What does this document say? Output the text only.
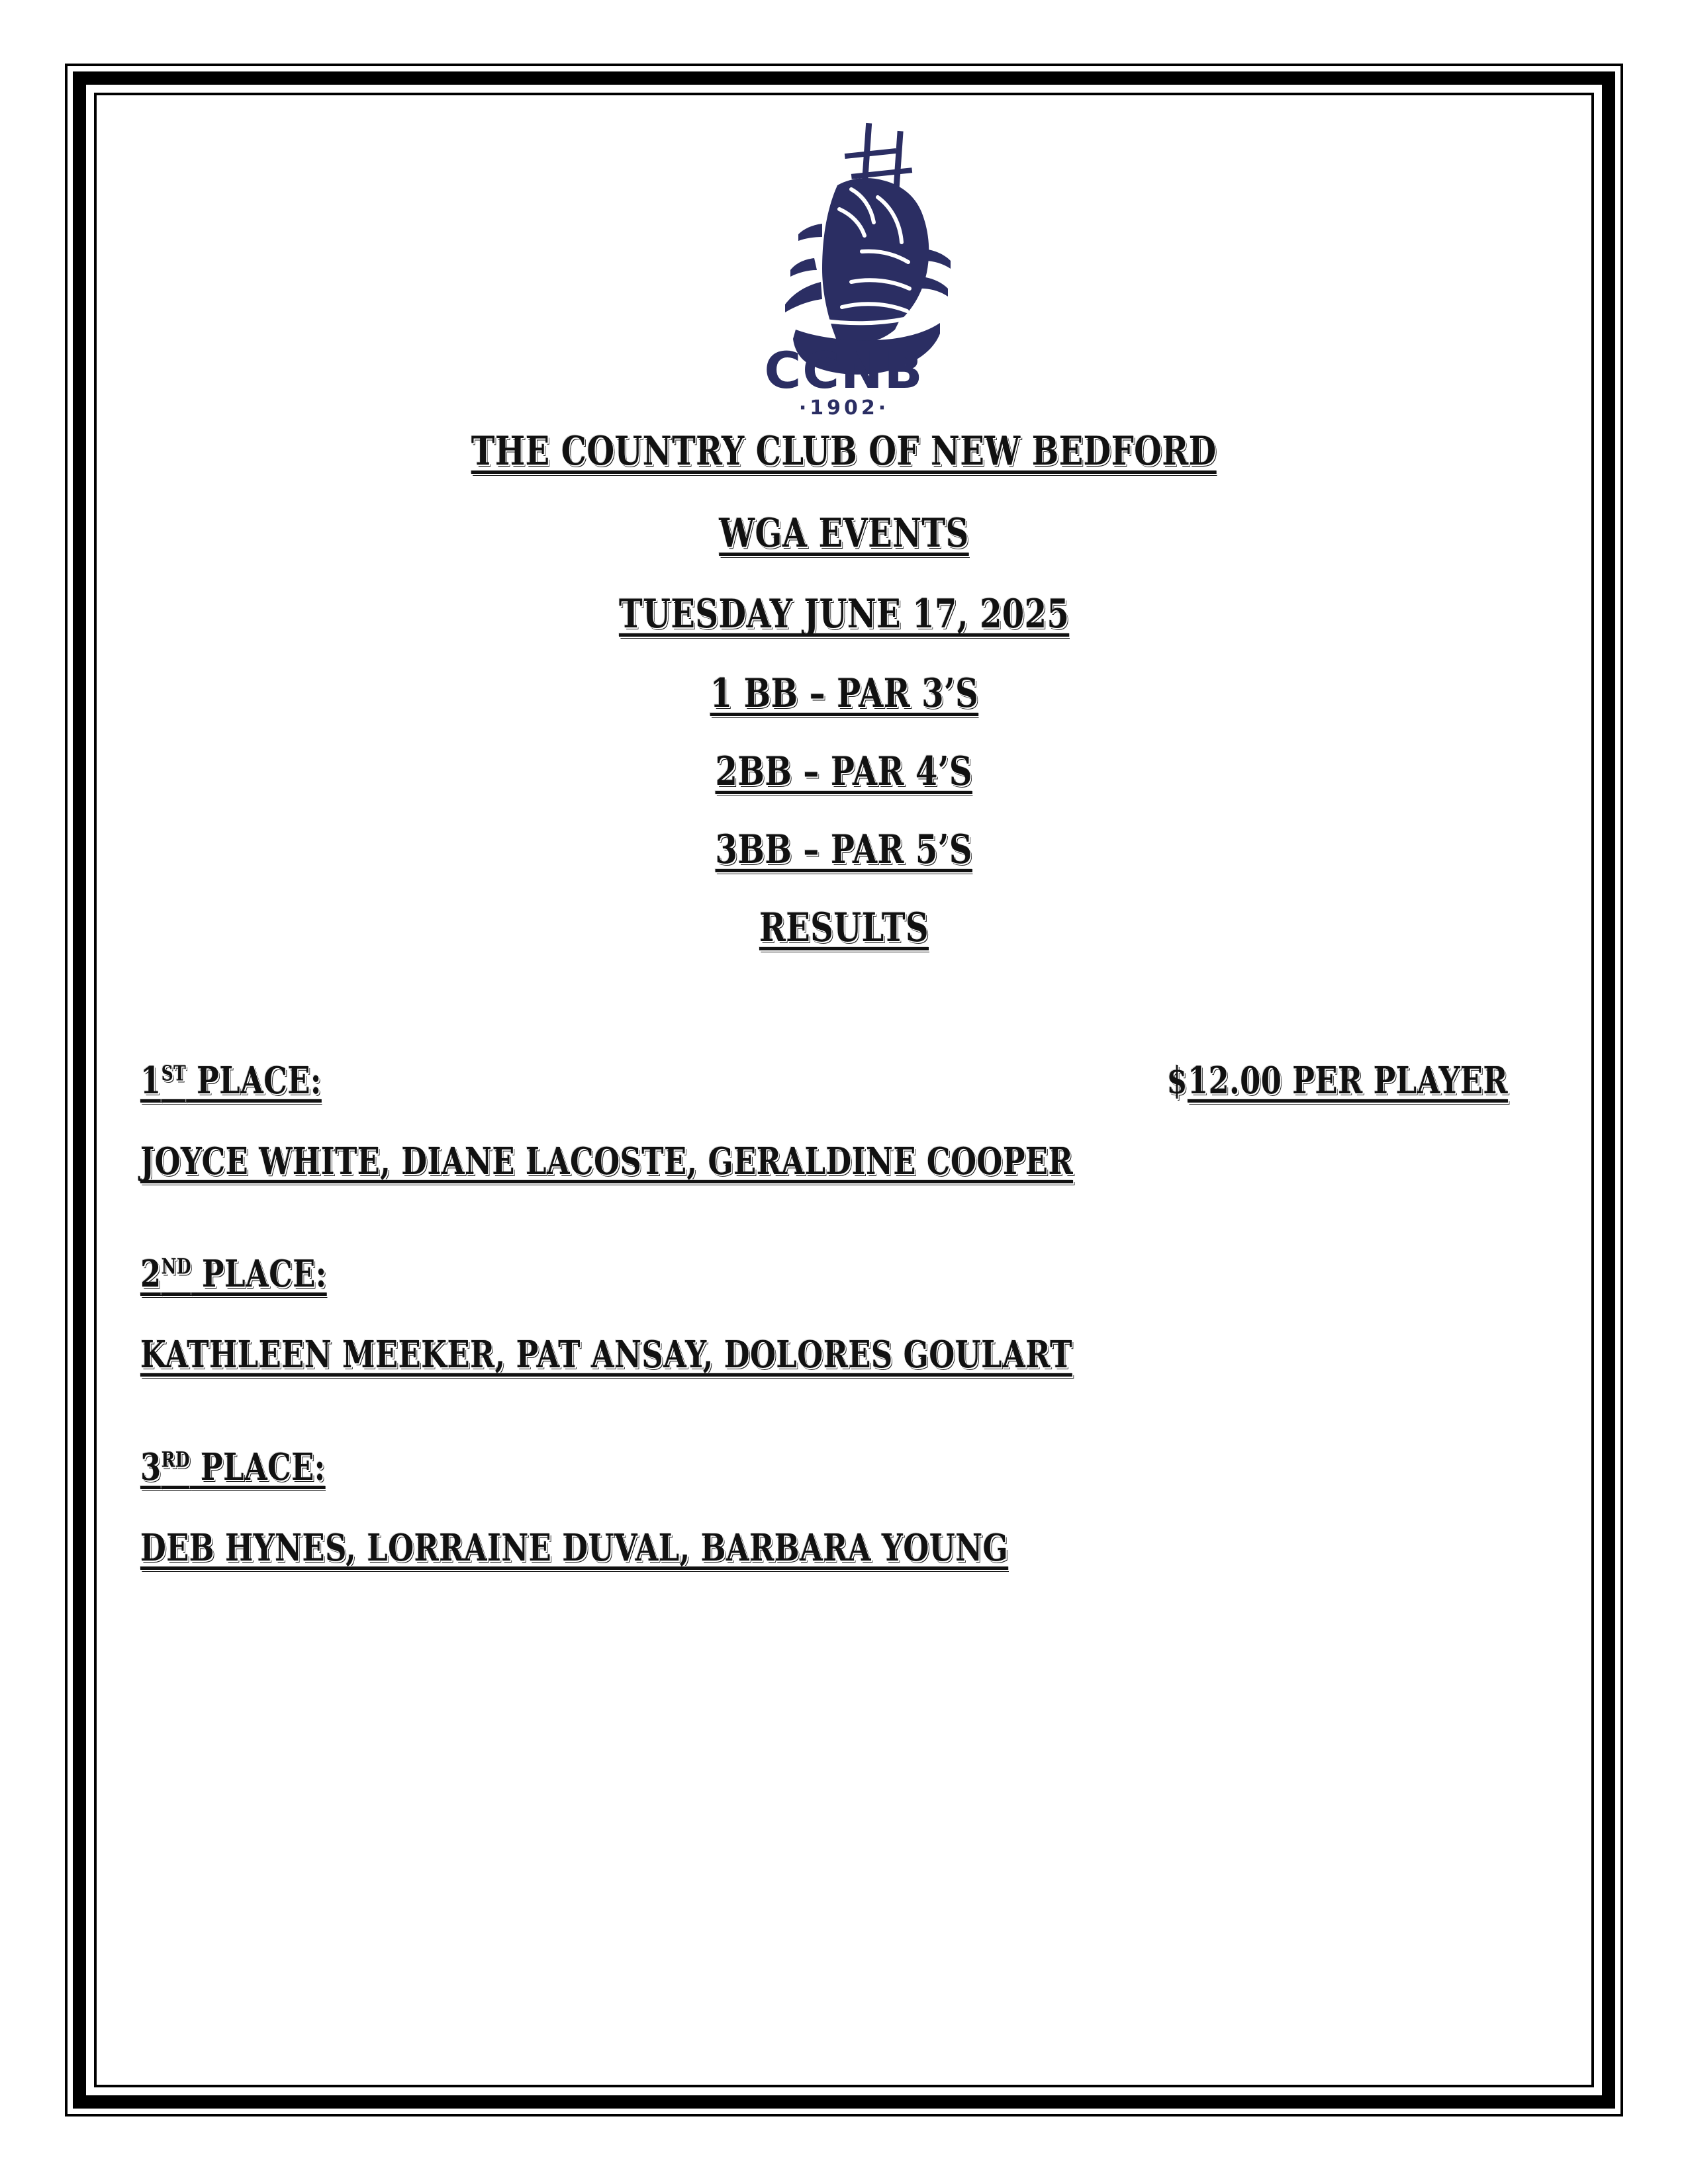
CCNB
·1902·
THE COUNTRY CLUB OF NEW BEDFORD
WGA EVENTS
TUESDAY JUNE 17, 2025
1 BB – PAR 3’S
2BB – PAR 4’S
3BB – PAR 5’S
RESULTS
1ST PLACE:	$12.00 PER PLAYER
JOYCE WHITE, DIANE LACOSTE, GERALDINE COOPER
2ND PLACE:
KATHLEEN MEEKER, PAT ANSAY, DOLORES GOULART
3RD PLACE:
DEB HYNES, LORRAINE DUVAL, BARBARA YOUNG
